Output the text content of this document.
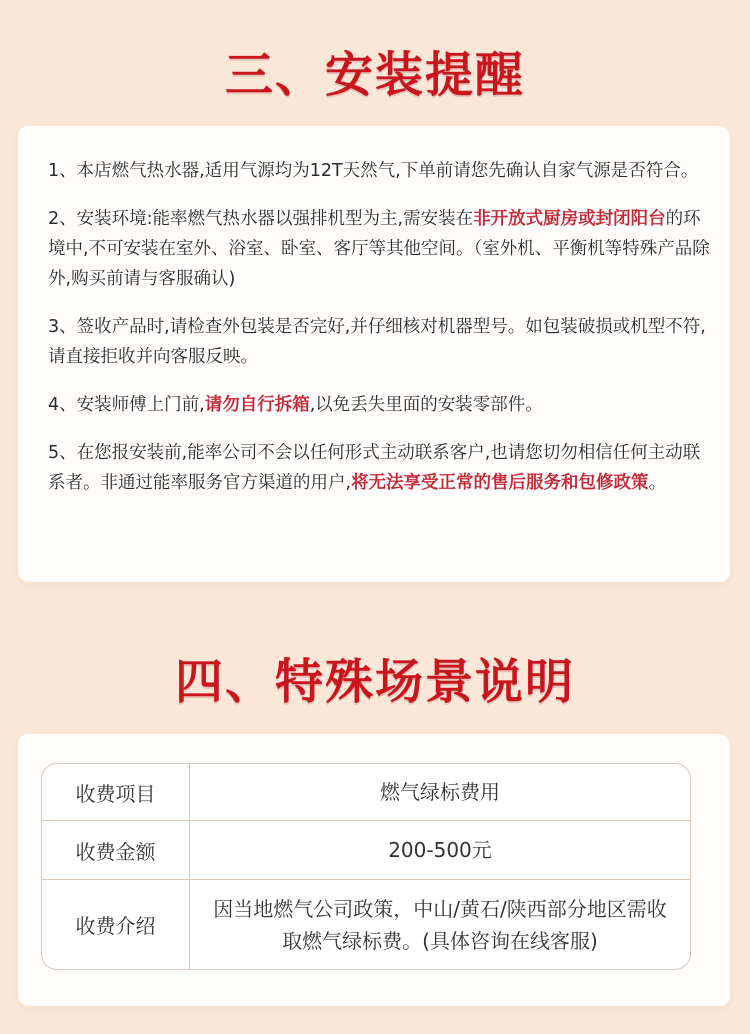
三、安装提醒

1、本店燃气热水器,适用气源均为12T天然气,下单前请您先确认自家气源是否符合。

2、安装环境:能率燃气热水器以强排机型为主,需安装在非开放式厨房或封闭阳台的环境中,不可安装在室外、浴室、卧室、客厅等其他空间。（室外机、平衡机等特殊产品除外,购买前请与客服确认)

3、签收产品时,请检查外包装是否完好,并仔细核对机器型号。如包装破损或机型不符,请直接拒收并向客服反映。

4、安装师傅上门前,请勿自行拆箱,以免丢失里面的安装零部件。

5、在您报安装前,能率公司不会以任何形式主动联系客户,也请您切勿相信任何主动联系者。非通过能率服务官方渠道的用户,将无法享受正常的售后服务和包修政策。

四、特殊场景说明
收费项目	燃气绿标费用
收费金额	200-500元
收费介绍
因当地燃气公司政策，中山/黄石/陕西部分地区需收取燃气绿标费。(具体咨询在线客服)
